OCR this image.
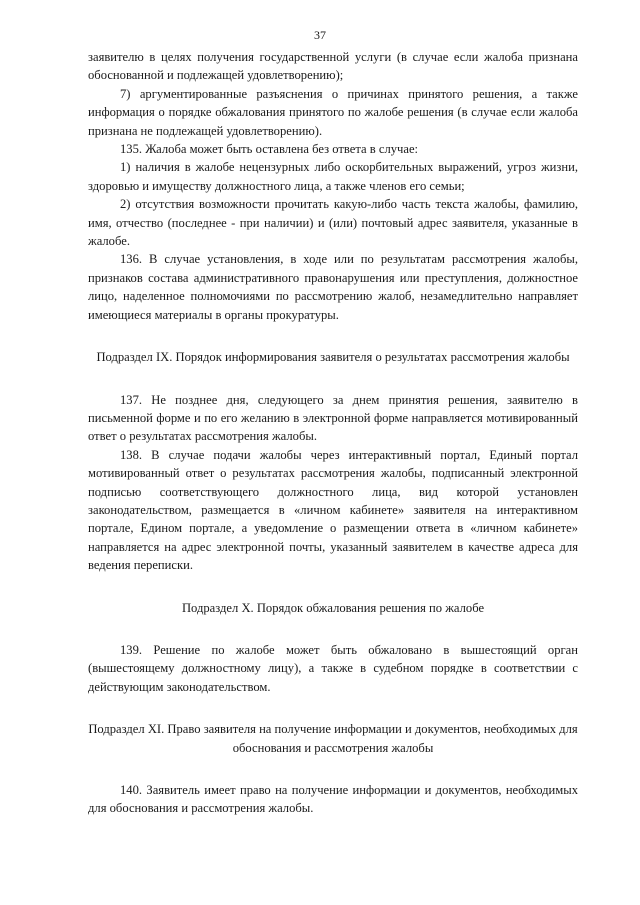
37

заявителю в целях получения государственной услуги (в случае если жалоба признана обоснованной и подлежащей удовлетворению);

7) аргументированные разъяснения о причинах принятого решения, а также информация о порядке обжалования принятого по жалобе решения (в случае если жалоба признана не подлежащей удовлетворению).

135. Жалоба может быть оставлена без ответа в случае:

1) наличия в жалобе нецензурных либо оскорбительных выражений, угроз жизни, здоровью и имуществу должностного лица, а также членов его семьи;

2) отсутствия возможности прочитать какую-либо часть текста жалобы, фамилию, имя, отчество (последнее - при наличии) и (или) почтовый адрес заявителя, указанные в жалобе.

136. В случае установления, в ходе или по результатам рассмотрения жалобы, признаков состава административного правонарушения или преступления, должностное лицо, наделенное полномочиями по рассмотрению жалоб, незамедлительно направляет имеющиеся материалы в органы прокуратуры.

Подраздел IX. Порядок информирования заявителя о результатах рассмотрения жалобы

137. Не позднее дня, следующего за днем принятия решения, заявителю в письменной форме и по его желанию в электронной форме направляется мотивированный ответ о результатах рассмотрения жалобы.

138. В случае подачи жалобы через интерактивный портал, Единый портал мотивированный ответ о результатах рассмотрения жалобы, подписанный электронной подписью соответствующего должностного лица, вид которой установлен законодательством, размещается в «личном кабинете» заявителя на интерактивном портале, Едином портале, а уведомление о размещении ответа в «личном кабинете» направляется на адрес электронной почты, указанный заявителем в качестве адреса для ведения переписки.

Подраздел X. Порядок обжалования решения по жалобе

139. Решение по жалобе может быть обжаловано в вышестоящий орган (вышестоящему должностному лицу), а также в судебном порядке в соответствии с действующим законодательством.

Подраздел XI. Право заявителя на получение информации и документов, необходимых для обоснования и рассмотрения жалобы

140. Заявитель имеет право на получение информации и документов, необходимых для обоснования и рассмотрения жалобы.
